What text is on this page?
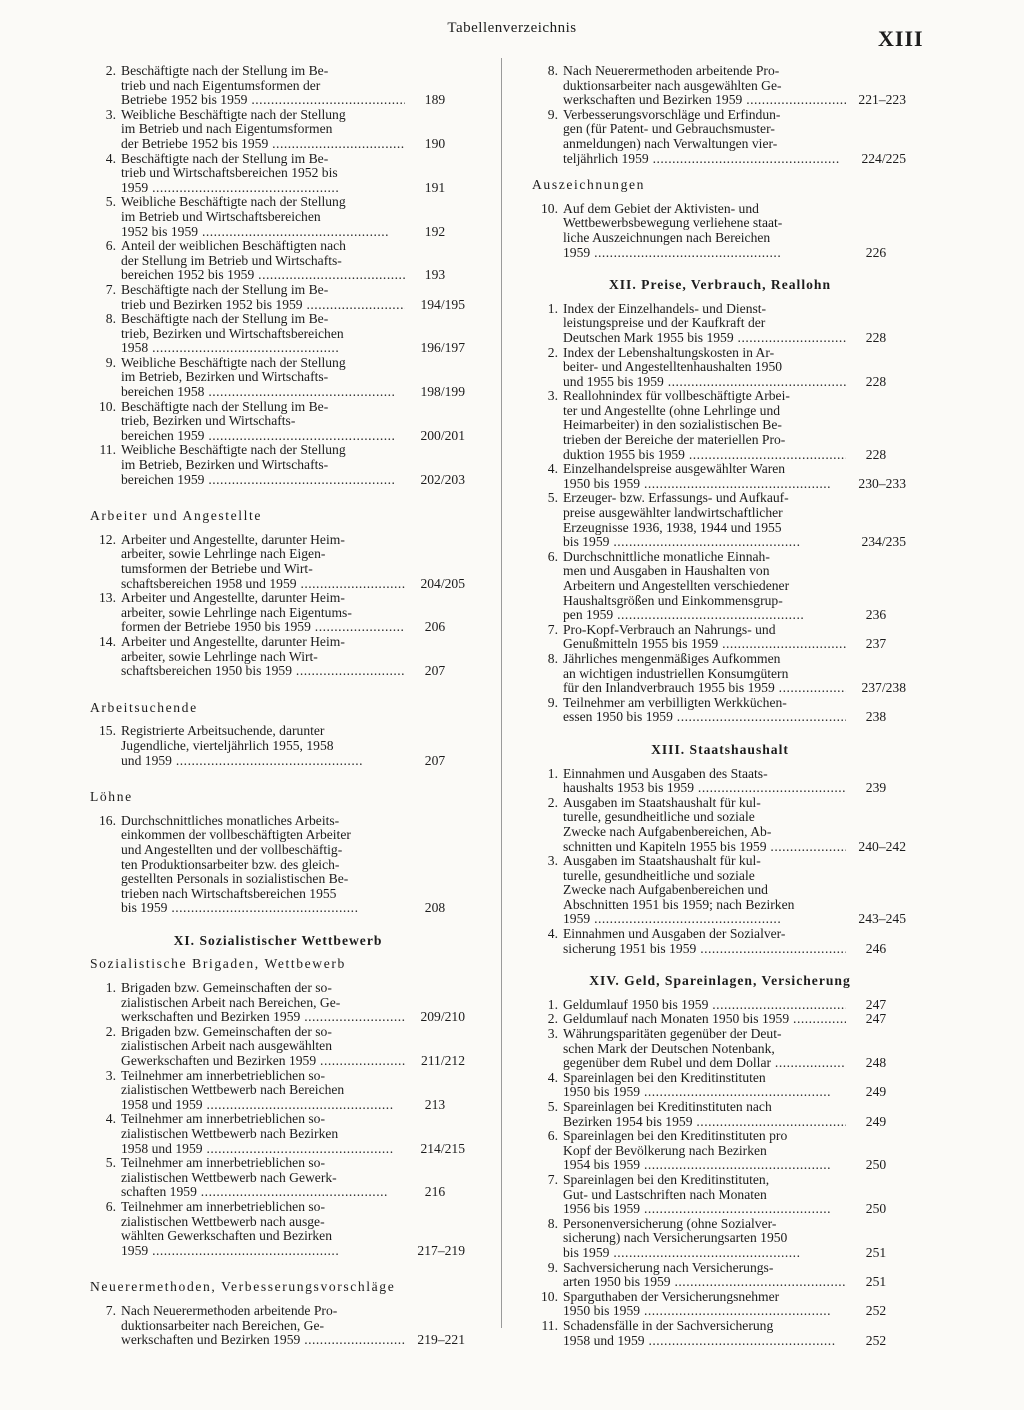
Tabellenverzeichnis	XIII
2. Beschäftigte nach der Stellung im Be-
trieb und nach Eigentumsformen der
Betriebe 1952 bis 1959 .....	189
3. Weibliche Beschäftigte nach der Stellung
im Betrieb und nach Eigentumsformen
der Betriebe 1952 bis 1959 .....	190
4. Beschäftigte nach der Stellung im Be-
trieb und Wirtschaftsbereichen 1952 bis
1959 .....	191
5. Weibliche Beschäftigte nach der Stellung
im Betrieb und Wirtschaftsbereichen
1952 bis 1959 .....	192
6. Anteil der weiblichen Beschäftigten nach
der Stellung im Betrieb und Wirtschafts-
bereichen 1952 bis 1959 .....	193
7. Beschäftigte nach der Stellung im Be-
trieb und Bezirken 1952 bis 1959 .....	194/195
8. Beschäftigte nach der Stellung im Be-
trieb, Bezirken und Wirtschaftsbereichen
1958 .....	196/197
9. Weibliche Beschäftigte nach der Stellung
im Betrieb, Bezirken und Wirtschafts-
bereichen 1958 .....	198/199
10. Beschäftigte nach der Stellung im Be-
trieb, Bezirken und Wirtschafts-
bereichen 1959 .....	200/201
11. Weibliche Beschäftigte nach der Stellung
im Betrieb, Bezirken und Wirtschafts-
bereichen 1959 .....	202/203
Arbeiter und Angestellte
12. Arbeiter und Angestellte, darunter Heim-
arbeiter, sowie Lehrlinge nach Eigen-
tumsformen der Betriebe und Wirt-
schaftsbereichen 1958 und 1959 .....	204/205
13. Arbeiter und Angestellte, darunter Heim-
arbeiter, sowie Lehrlinge nach Eigentums-
formen der Betriebe 1950 bis 1959 .....	206
14. Arbeiter und Angestellte, darunter Heim-
arbeiter, sowie Lehrlinge nach Wirt-
schaftsbereichen 1950 bis 1959 .....	207
Arbeitsuchende
15. Registrierte Arbeitsuchende, darunter
Jugendliche, vierteljährlich 1955, 1958
und 1959 .....	207
Löhne
16. Durchschnittliches monatliches Arbeits-
einkommen der vollbeschäftigten Arbeiter
und Angestellten und der vollbeschäftig-
ten Produktionsarbeiter bzw. des gleich-
gestellten Personals in sozialistischen Be-
trieben nach Wirtschaftsbereichen 1955
bis 1959 .....	208
XI. Sozialistischer Wettbewerb
Sozialistische Brigaden, Wettbewerb
1. Brigaden bzw. Gemeinschaften der so-
zialistischen Arbeit nach Bereichen, Ge-
werkschaften und Bezirken 1959 .....	209/210
2. Brigaden bzw. Gemeinschaften der so-
zialistischen Arbeit nach ausgewählten
Gewerkschaften und Bezirken 1959 .....	211/212
3. Teilnehmer am innerbetrieblichen so-
zialistischen Wettbewerb nach Bereichen
1958 und 1959 .....	213
4. Teilnehmer am innerbetrieblichen so-
zialistischen Wettbewerb nach Bezirken
1958 und 1959 .....	214/215
5. Teilnehmer am innerbetrieblichen so-
zialistischen Wettbewerb nach Gewerk-
schaften 1959 .....	216
6. Teilnehmer am innerbetrieblichen so-
zialistischen Wettbewerb nach ausge-
wählten Gewerkschaften und Bezirken
1959 .....	217–219
Neuerermethoden, Verbesserungsvorschläge
7. Nach Neuerermethoden arbeitende Pro-
duktionsarbeiter nach Bereichen, Ge-
werkschaften und Bezirken 1959 .....	219–221
8. Nach Neuerermethoden arbeitende Pro-
duktionsarbeiter nach ausgewählten Ge-
werkschaften und Bezirken 1959 .....	221–223
9. Verbesserungsvorschläge und Erfindun-
gen (für Patent- und Gebrauchsmuster-
anmeldungen) nach Verwaltungen vier-
teljährlich 1959 .....	224/225
Auszeichnungen
10. Auf dem Gebiet der Aktivisten- und
Wettbewerbsbewegung verliehene staat-
liche Auszeichnungen nach Bereichen
1959 .....	226
XII. Preise, Verbrauch, Reallohn
1. Index der Einzelhandels- und Dienst-
leistungspreise und der Kaufkraft der
Deutschen Mark 1955 bis 1959 .....	228
2. Index der Lebenshaltungskosten in Ar-
beiter- und Angestelltenhaushalten 1950
und 1955 bis 1959 .....	228
3. Reallohnindex für vollbeschäftigte Arbei-
ter und Angestellte (ohne Lehrlinge und
Heimarbeiter) in den sozialistischen Be-
trieben der Bereiche der materiellen Pro-
duktion 1955 bis 1959 .....	228
4. Einzelhandelspreise ausgewählter Waren
1950 bis 1959 .....	230–233
5. Erzeuger- bzw. Erfassungs- und Aufkauf-
preise ausgewählter landwirtschaftlicher
Erzeugnisse 1936, 1938, 1944 und 1955
bis 1959 .....	234/235
6. Durchschnittliche monatliche Einnah-
men und Ausgaben in Haushalten von
Arbeitern und Angestellten verschiedener
Haushaltsgrößen und Einkommensgrup-
pen 1959 .....	236
7. Pro-Kopf-Verbrauch an Nahrungs- und
Genußmitteln 1955 bis 1959 .....	237
8. Jährliches mengenmäßiges Aufkommen
an wichtigen industriellen Konsumgütern
für den Inlandverbrauch 1955 bis 1959 .....	237/238
9. Teilnehmer am verbilligten Werkküchen-
essen 1950 bis 1959 .....	238
XIII. Staatshaushalt
1. Einnahmen und Ausgaben des Staats-
haushalts 1953 bis 1959 .....	239
2. Ausgaben im Staatshaushalt für kul-
turelle, gesundheitliche und soziale
Zwecke nach Aufgabenbereichen, Ab-
schnitten und Kapiteln 1955 bis 1959 .....	240–242
3. Ausgaben im Staatshaushalt für kul-
turelle, gesundheitliche und soziale
Zwecke nach Aufgabenbereichen und
Abschnitten 1951 bis 1959; nach Bezirken
1959 .....	243–245
4. Einnahmen und Ausgaben der Sozialver-
sicherung 1951 bis 1959 .....	246
XIV. Geld, Spareinlagen, Versicherung
1. Geldumlauf 1950 bis 1959 .....	247
2. Geldumlauf nach Monaten 1950 bis 1959 .....	247
3. Währungsparitäten gegenüber der Deut-
schen Mark der Deutschen Notenbank,
gegenüber dem Rubel und dem Dollar .....	248
4. Spareinlagen bei den Kreditinstituten
1950 bis 1959 .....	249
5. Spareinlagen bei Kreditinstituten nach
Bezirken 1954 bis 1959 .....	249
6. Spareinlagen bei den Kreditinstituten pro
Kopf der Bevölkerung nach Bezirken
1954 bis 1959 .....	250
7. Spareinlagen bei den Kreditinstituten,
Gut- und Lastschriften nach Monaten
1956 bis 1959 .....	250
8. Personenversicherung (ohne Sozialver-
sicherung) nach Versicherungsarten 1950
bis 1959 .....	251
9. Sachversicherung nach Versicherungs-
arten 1950 bis 1959 .....	251
10. Sparguthaben der Versicherungsnehmer
1950 bis 1959 .....	252
11. Schadensfälle in der Sachversicherung
1958 und 1959 .....	252
